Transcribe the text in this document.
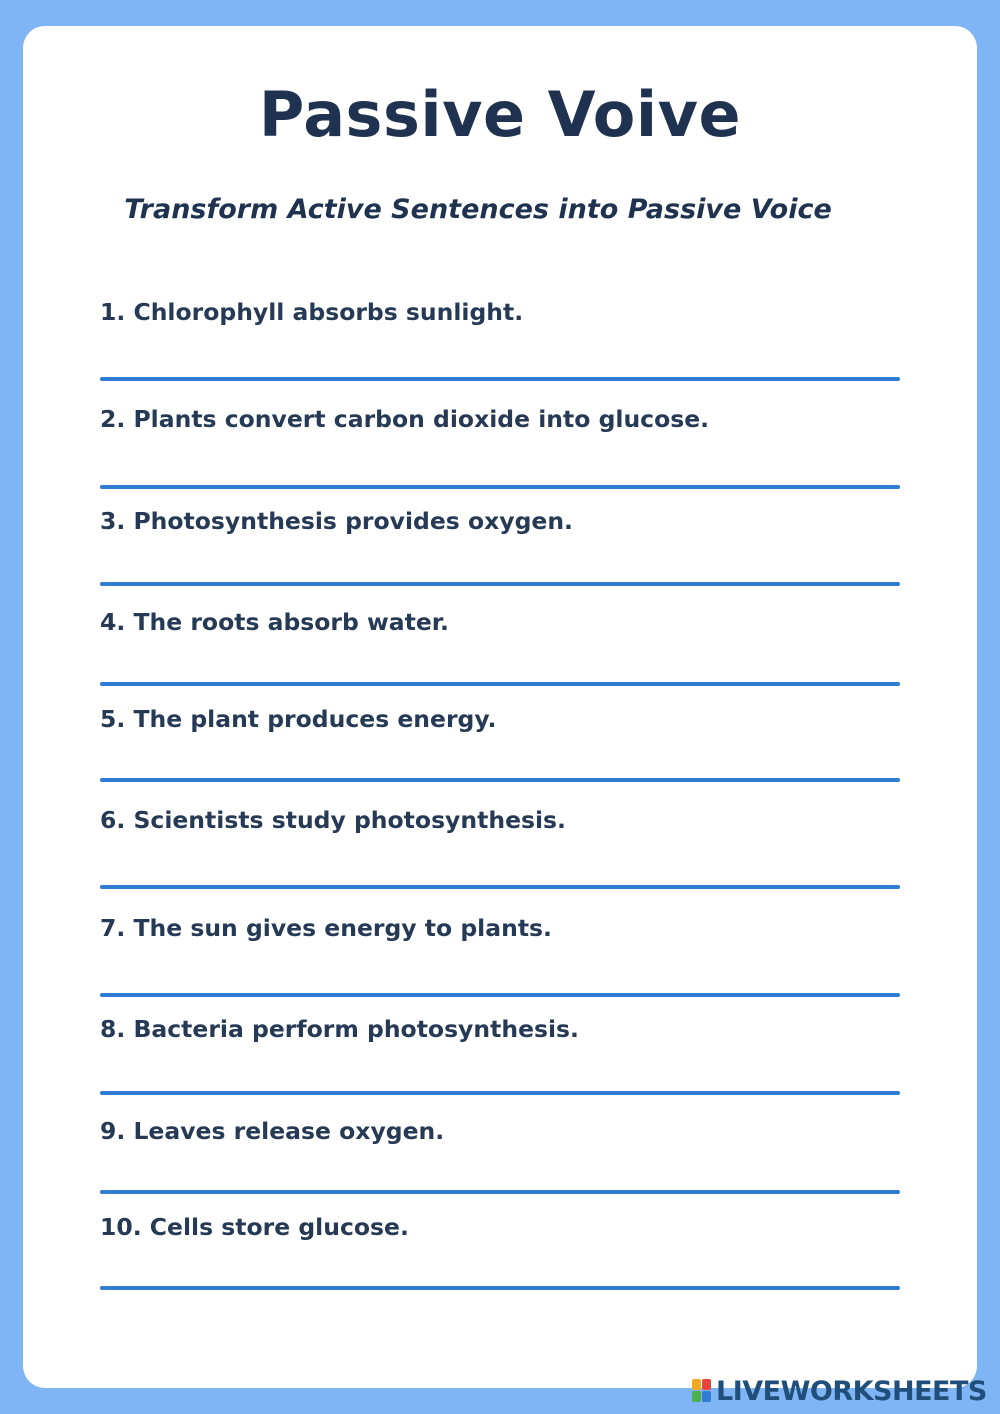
Passive Voive
Transform Active Sentences into Passive Voice
1. Chlorophyll absorbs sunlight.
2. Plants convert carbon dioxide into glucose.
3. Photosynthesis provides oxygen.
4. The roots absorb water.
5. The plant produces energy.
6. Scientists study photosynthesis.
7. The sun gives energy to plants.
8. Bacteria perform photosynthesis.
9. Leaves release oxygen.
10. Cells store glucose.
LIVEWORKSHEETS
